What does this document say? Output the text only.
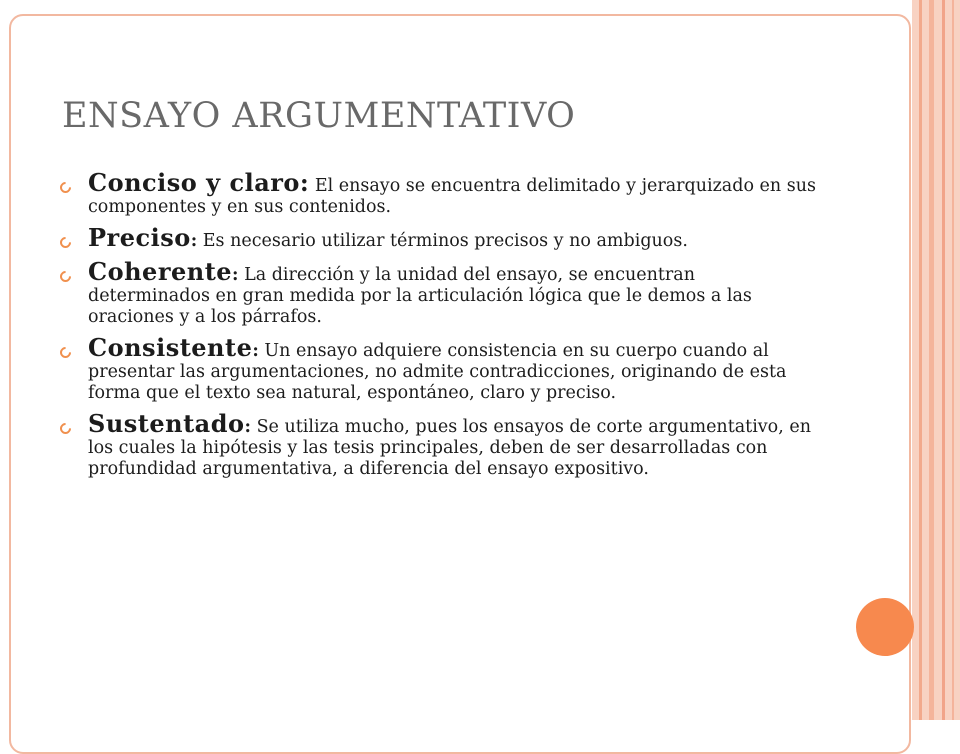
ENSAYO ARGUMENTATIVO
Conciso y claro: El ensayo se encuentra delimitado y jerarquizado en sus componentes y en sus contenidos.
Preciso: Es necesario utilizar términos precisos y no ambiguos.
Coherente: La dirección y la unidad del ensayo, se encuentran determinados en gran medida por la articulación lógica que le demos a las oraciones y a los párrafos.
Consistente: Un ensayo adquiere consistencia en su cuerpo cuando al presentar las argumentaciones, no admite contradicciones, originando de esta forma que el texto sea natural, espontáneo, claro y preciso.
Sustentado: Se utiliza mucho, pues los ensayos de corte argumentativo, en los cuales la hipótesis y las tesis principales, deben de ser desarrolladas con profundidad argumentativa, a diferencia del ensayo expositivo.
